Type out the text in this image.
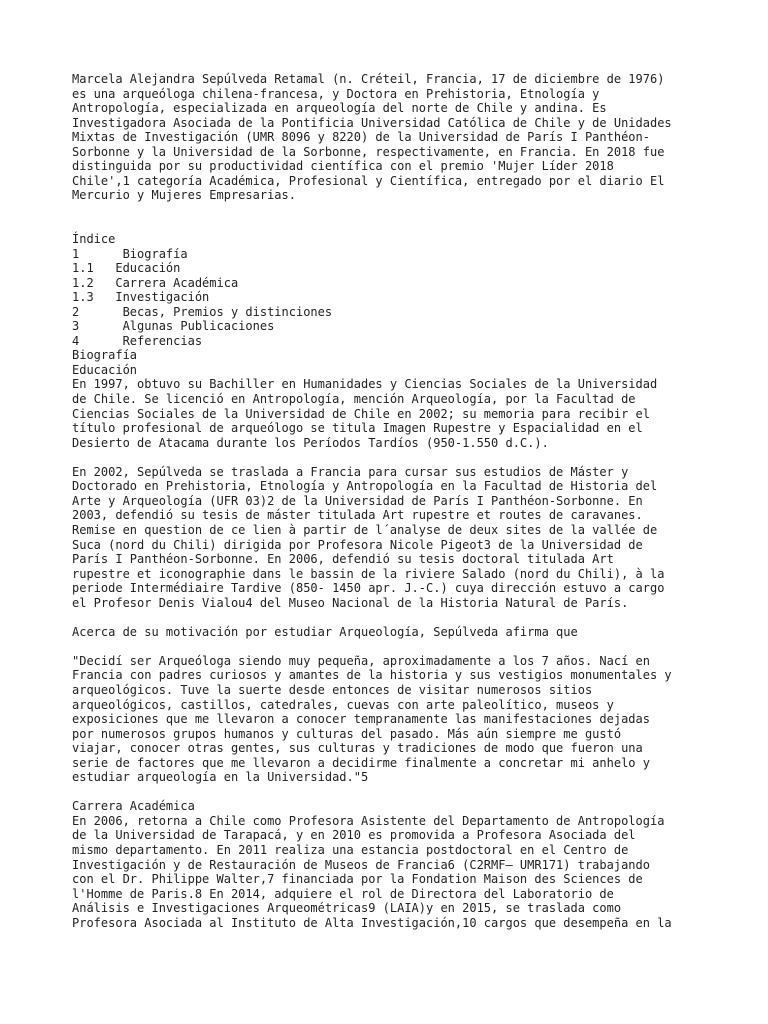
Marcela Alejandra Sepúlveda Retamal (n. Créteil, Francia, 17 de diciembre de 1976)
es una arqueóloga chilena-francesa, y Doctora en Prehistoria, Etnología y
Antropología, especializada en arqueología del norte de Chile y andina. Es
Investigadora Asociada de la Pontificia Universidad Católica de Chile y de Unidades
Mixtas de Investigación (UMR 8096 y 8220) de la Universidad de París I Panthéon-
Sorbonne y la Universidad de la Sorbonne, respectivamente, en Francia. En 2018 fue
distinguida por su productividad científica con el premio 'Mujer Líder 2018
Chile',1 categoría Académica, Profesional y Científica, entregado por el diario El
Mercurio y Mujeres Empresarias.
Índice
1      Biografía
1.1   Educación
1.2   Carrera Académica
1.3   Investigación
2      Becas, Premios y distinciones
3      Algunas Publicaciones
4      Referencias
Biografía
Educación
En 1997, obtuvo su Bachiller en Humanidades y Ciencias Sociales de la Universidad
de Chile. Se licenció en Antropología, mención Arqueología, por la Facultad de
Ciencias Sociales de la Universidad de Chile en 2002; su memoria para recibir el
título profesional de arqueólogo se titula Imagen Rupestre y Espacialidad en el
Desierto de Atacama durante los Períodos Tardíos (950-1.550 d.C.).
En 2002, Sepúlveda se traslada a Francia para cursar sus estudios de Máster y
Doctorado en Prehistoria, Etnología y Antropología en la Facultad de Historia del
Arte y Arqueología (UFR 03)2 de la Universidad de París I Panthéon-Sorbonne. En
2003, defendió su tesis de máster titulada Art rupestre et routes de caravanes.
Remise en question de ce lien à partir de l´analyse de deux sites de la vallée de
Suca (nord du Chili) dirigida por Profesora Nicole Pigeot3 de la Universidad de
París I Panthéon-Sorbonne. En 2006, defendió su tesis doctoral titulada Art
rupestre et iconographie dans le bassin de la riviere Salado (nord du Chili), à la
periode Intermédiaire Tardive (850- 1450 apr. J.-C.) cuya dirección estuvo a cargo
el Profesor Denis Vialou4 del Museo Nacional de la Historia Natural de París.
Acerca de su motivación por estudiar Arqueología, Sepúlveda afirma que
"Decidí ser Arqueóloga siendo muy pequeña, aproximadamente a los 7 años. Nací en
Francia con padres curiosos y amantes de la historia y sus vestigios monumentales y
arqueológicos. Tuve la suerte desde entonces de visitar numerosos sitios
arqueológicos, castillos, catedrales, cuevas con arte paleolítico, museos y
exposiciones que me llevaron a conocer tempranamente las manifestaciones dejadas
por numerosos grupos humanos y culturas del pasado. Más aún siempre me gustó
viajar, conocer otras gentes, sus culturas y tradiciones de modo que fueron una
serie de factores que me llevaron a decidirme finalmente a concretar mi anhelo y
estudiar arqueología en la Universidad."5
Carrera Académica
En 2006, retorna a Chile como Profesora Asistente del Departamento de Antropología
de la Universidad de Tarapacá, y en 2010 es promovida a Profesora Asociada del
mismo departamento. En 2011 realiza una estancia postdoctoral en el Centro de
Investigación y de Restauración de Museos de Francia6 (C2RMF– UMR171) trabajando
con el Dr. Philippe Walter,7 financiada por la Fondation Maison des Sciences de
l'Homme de Paris.8 En 2014, adquiere el rol de Directora del Laboratorio de
Análisis e Investigaciones Arqueométricas9 (LAIA)y en 2015, se traslada como
Profesora Asociada al Instituto de Alta Investigación,10 cargos que desempeña en la
